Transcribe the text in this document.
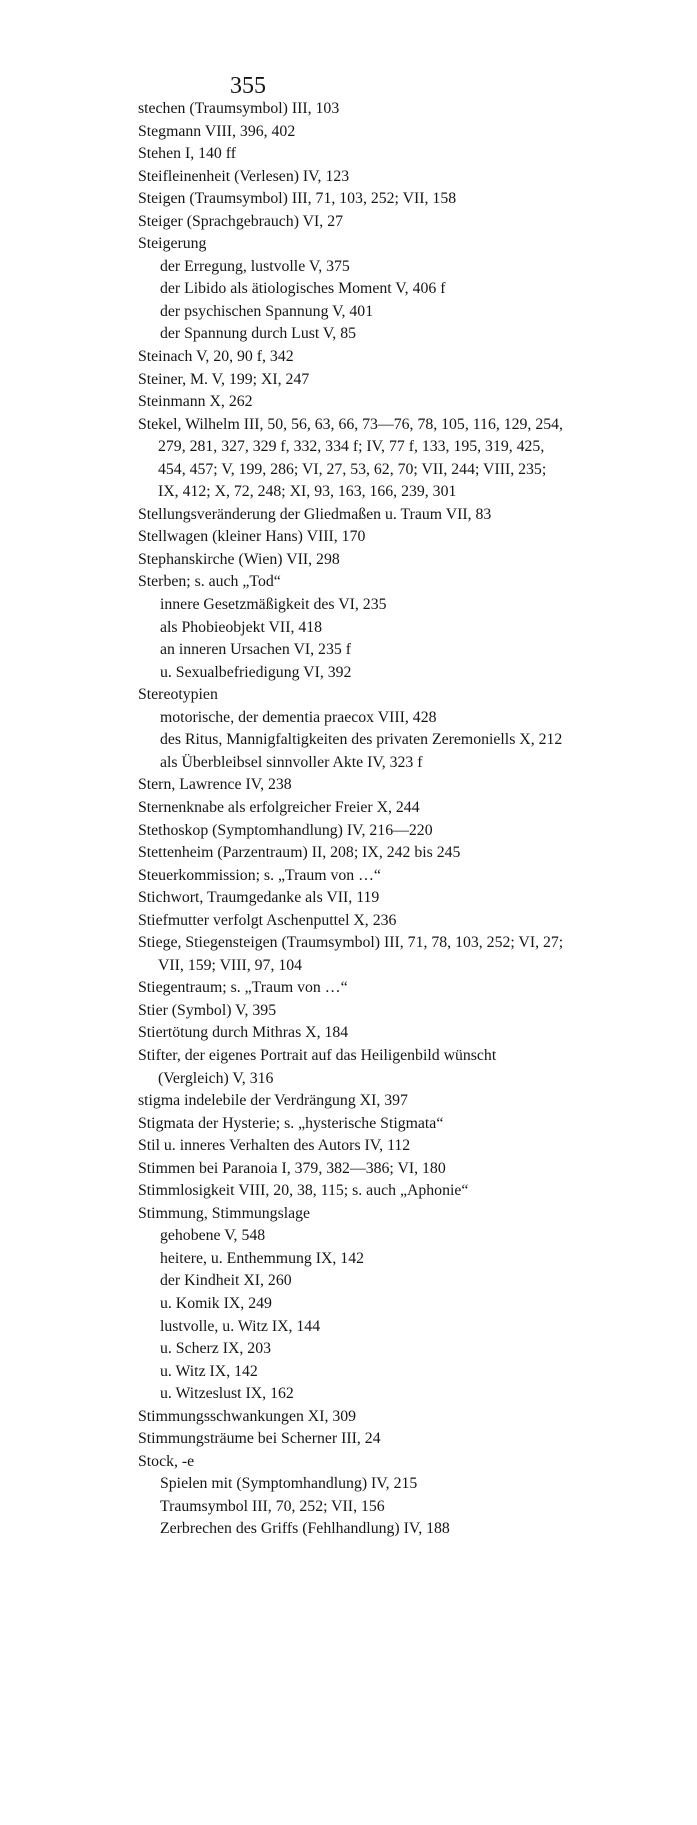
355

stechen (Traumsymbol) III, 103

Stegmann VIII, 396, 402

Stehen I, 140 ff

Steifleinenheit (Verlesen) IV, 123

Steigen (Traumsymbol) III, 71, 103, 252; VII, 158

Steiger (Sprachgebrauch) VI, 27

Steigerung

der Erregung, lustvolle V, 375

der Libido als ätiologisches Moment V, 406 f

der psychischen Spannung V, 401

der Spannung durch Lust V, 85

Steinach V, 20, 90 f, 342

Steiner, M. V, 199; XI, 247

Steinmann X, 262

Stekel, Wilhelm III, 50, 56, 63, 66, 73—76, 78, 105, 116, 129, 254, 279, 281, 327, 329 f, 332, 334 f; IV, 77 f, 133, 195, 319, 425, 454, 457; V, 199, 286; VI, 27, 53, 62, 70; VII, 244; VIII, 235; IX, 412; X, 72, 248; XI, 93, 163, 166, 239, 301

Stellungsveränderung der Gliedmaßen u. Traum VII, 83

Stellwagen (kleiner Hans) VIII, 170

Stephanskirche (Wien) VII, 298

Sterben; s. auch „Tod“

innere Gesetzmäßigkeit des VI, 235

als Phobieobjekt VII, 418

an inneren Ursachen VI, 235 f

u. Sexualbefriedigung VI, 392

Stereotypien

motorische, der dementia praecox VIII, 428

des Ritus, Mannigfaltigkeiten des privaten Zeremoniells X, 212

als Überbleibsel sinnvoller Akte IV, 323 f

Stern, Lawrence IV, 238

Sternenknabe als erfolgreicher Freier X, 244

Stethoskop (Symptomhandlung) IV, 216—220

Stettenheim (Parzentraum) II, 208; IX, 242 bis 245

Steuerkommission; s. „Traum von …“

Stichwort, Traumgedanke als VII, 119

Stiefmutter verfolgt Aschenputtel X, 236

Stiege, Stiegensteigen (Traumsymbol) III, 71, 78, 103, 252; VI, 27; VII, 159; VIII, 97, 104

Stiegentraum; s. „Traum von …“

Stier (Symbol) V, 395

Stiertötung durch Mithras X, 184

Stifter, der eigenes Portrait auf das Heiligenbild wünscht (Vergleich) V, 316

stigma indelebile der Verdrängung XI, 397

Stigmata der Hysterie; s. „hysterische Stigmata“

Stil u. inneres Verhalten des Autors IV, 112

Stimmen bei Paranoia I, 379, 382—386; VI, 180

Stimmlosigkeit VIII, 20, 38, 115; s. auch „Aphonie“

Stimmung, Stimmungslage

gehobene V, 548

heitere, u. Enthemmung IX, 142

der Kindheit XI, 260

u. Komik IX, 249

lustvolle, u. Witz IX, 144

u. Scherz IX, 203

u. Witz IX, 142

u. Witzeslust IX, 162

Stimmungsschwankungen XI, 309

Stimmungsträume bei Scherner III, 24

Stock, -e

Spielen mit (Symptomhandlung) IV, 215

Traumsymbol III, 70, 252; VII, 156

Zerbrechen des Griffs (Fehlhandlung) IV, 188
